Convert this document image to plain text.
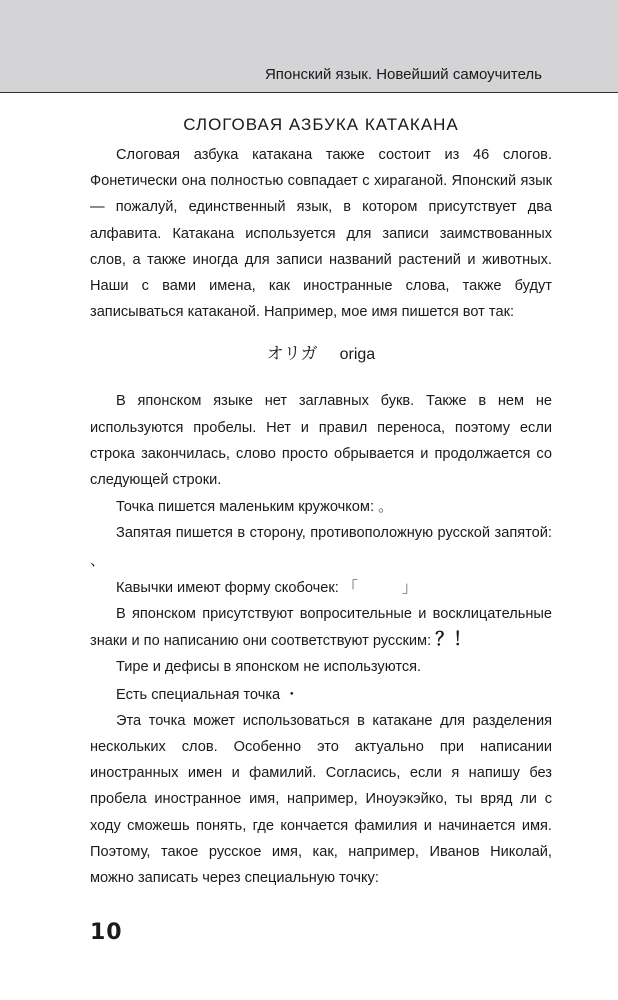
Японский язык. Новейший самоучитель
СЛОГОВАЯ АЗБУКА КАТАКАНА

Слоговая азбука катакана также состоит из 46 слогов. Фонетически она полностью совпадает с хираганой. Японский язык — пожалуй, единственный язык, в котором присутствует два алфавита. Катакана используется для записи заимствованных слов, а также иногда для записи названий растений и животных. Наши с вами имена, как иностранные слова, также будут записываться катаканой. Например, мое имя пишется вот так:

オリガ origa

В японском языке нет заглавных букв. Также в нем не используются пробелы. Нет и правил переноса, поэтому если строка закончилась, слово просто обрывается и продолжается со следующей строки.

Точка пишется маленьким кружочком: 。

Запятая пишется в сторону, противоположную русской запятой: 、

Кавычки имеют форму скобочек: 「	」

В японском присутствуют вопросительные и восклицательные знаки и по написанию они соответствуют русским: ？！

Тире и дефисы в японском не используются.

Есть специальная точка ・

Эта точка может использоваться в катакане для разделения нескольких слов. Особенно это актуально при написании иностранных имен и фамилий. Согласись, если я напишу без пробела иностранное имя, например, Иноуэкэйко, ты вряд ли с ходу сможешь понять, где кончается фамилия и начинается имя. Поэтому, такое русское имя, как, например, Иванов Николай, можно записать через специальную точку:

10
